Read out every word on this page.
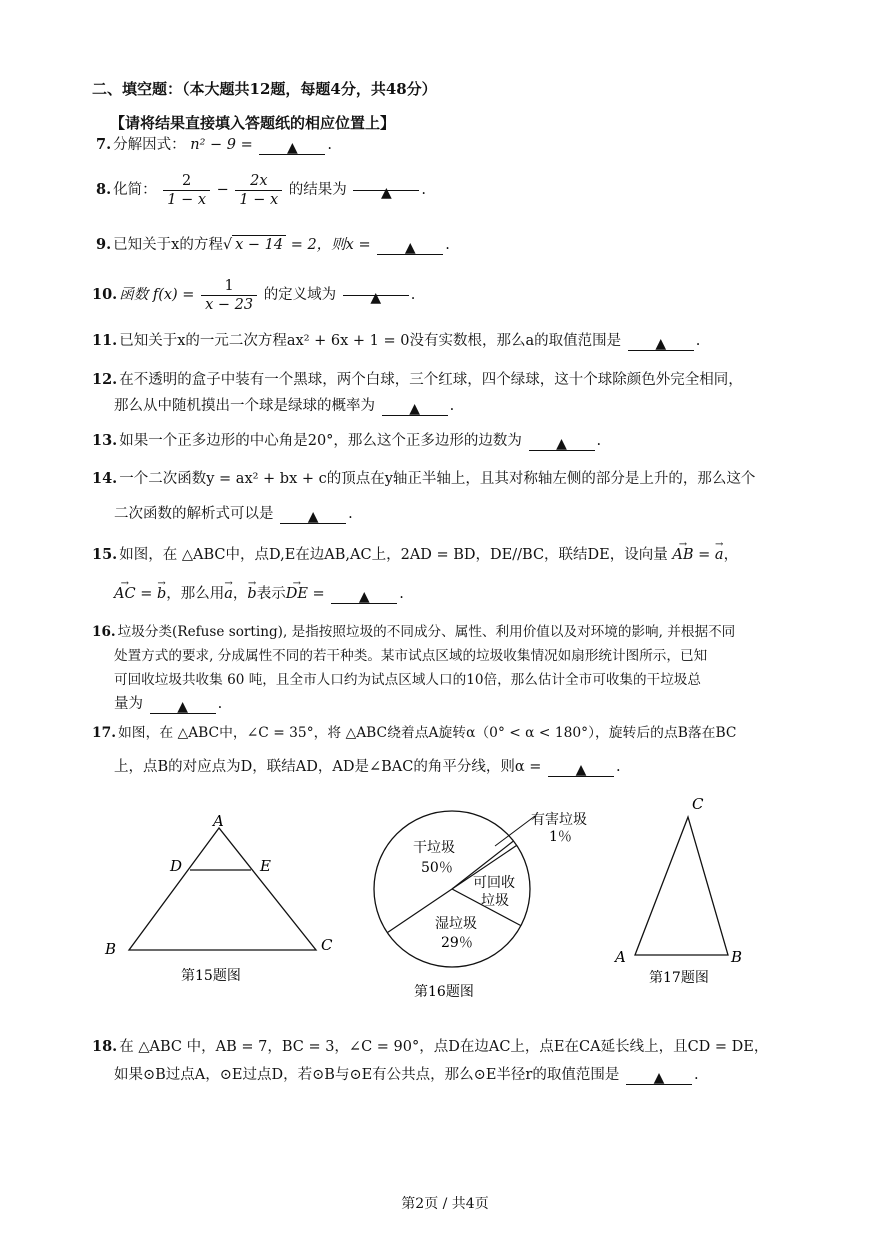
二、填空题：（本大题共12题，每题4分，共48分）
【请将结果直接填入答题纸的相应位置上】
7. 分解因式： n² − 9 = ▲ .
8. 化简： $\frac{2}{1 - x} - \frac{2x}{1 - x}$ 的结果为 ▲ .
9. 已知关于x的方程√ x − 14 = 2，则x = ▲ .
10. 函数 $f(x) = \frac{1}{x - 23}$ 的定义域为 ▲ .
11. 已知关于x的一元二次方程ax² + 6x + 1 = 0没有实数根，那么a的取值范围是 ▲ .
12. 在不透明的盒子中装有一个黑球，两个白球，三个红球，四个绿球，这十个球除颜色外完全相同，
那么从中随机摸出一个球是绿球的概率为 ▲ .
13. 如果一个正多边形的中心角是20°，那么这个正多边形的边数为 ▲ .
14. 一个二次函数y = ax² + bx + c的顶点在y轴正半轴上，且其对称轴左侧的部分是上升的，那么这个
二次函数的解析式可以是 ▲ .
15. 如图，在 △ABC中，点D,E在边AB,AC上，2AD = BD，DE//BC，联结DE，设向量 → AB = → a，
→ AC = → b，那么用→ a，→ b表示→ DE = ▲ .
16. 垃圾分类(Refuse sorting), 是指按照垃圾的不同成分、属性、利用价值以及对环境的影响, 并根据不同
处置方式的要求, 分成属性不同的若干种类。某市试点区域的垃圾收集情况如扇形统计图所示，已知
可回收垃圾共收集 60 吨，且全市人口约为试点区域人口的10倍，那么估计全市可收集的干垃圾总
量为 ▲ .
17. 如图，在 △ABC中，∠C = 35°，将 △ABC绕着点A旋转α（0° < α < 180°），旋转后的点B落在BC
上，点B的对应点为D，联结AD，AD是∠BAC的角平分线，则α = ▲ .
A
D	E
B	C
第15题图
干垃圾
50％
可回收
垃圾
湿垃圾
29％
有害垃圾
1％
第16题图
C
A	B
第17题图
18. 在 △ABC 中，AB = 7，BC = 3，∠C = 90°，点D在边AC上，点E在CA延长线上，且CD = DE，
如果⊙B过点A，⊙E过点D，若⊙B与⊙E有公共点，那么⊙E半径r的取值范围是 ▲ .
第2页 / 共4页
